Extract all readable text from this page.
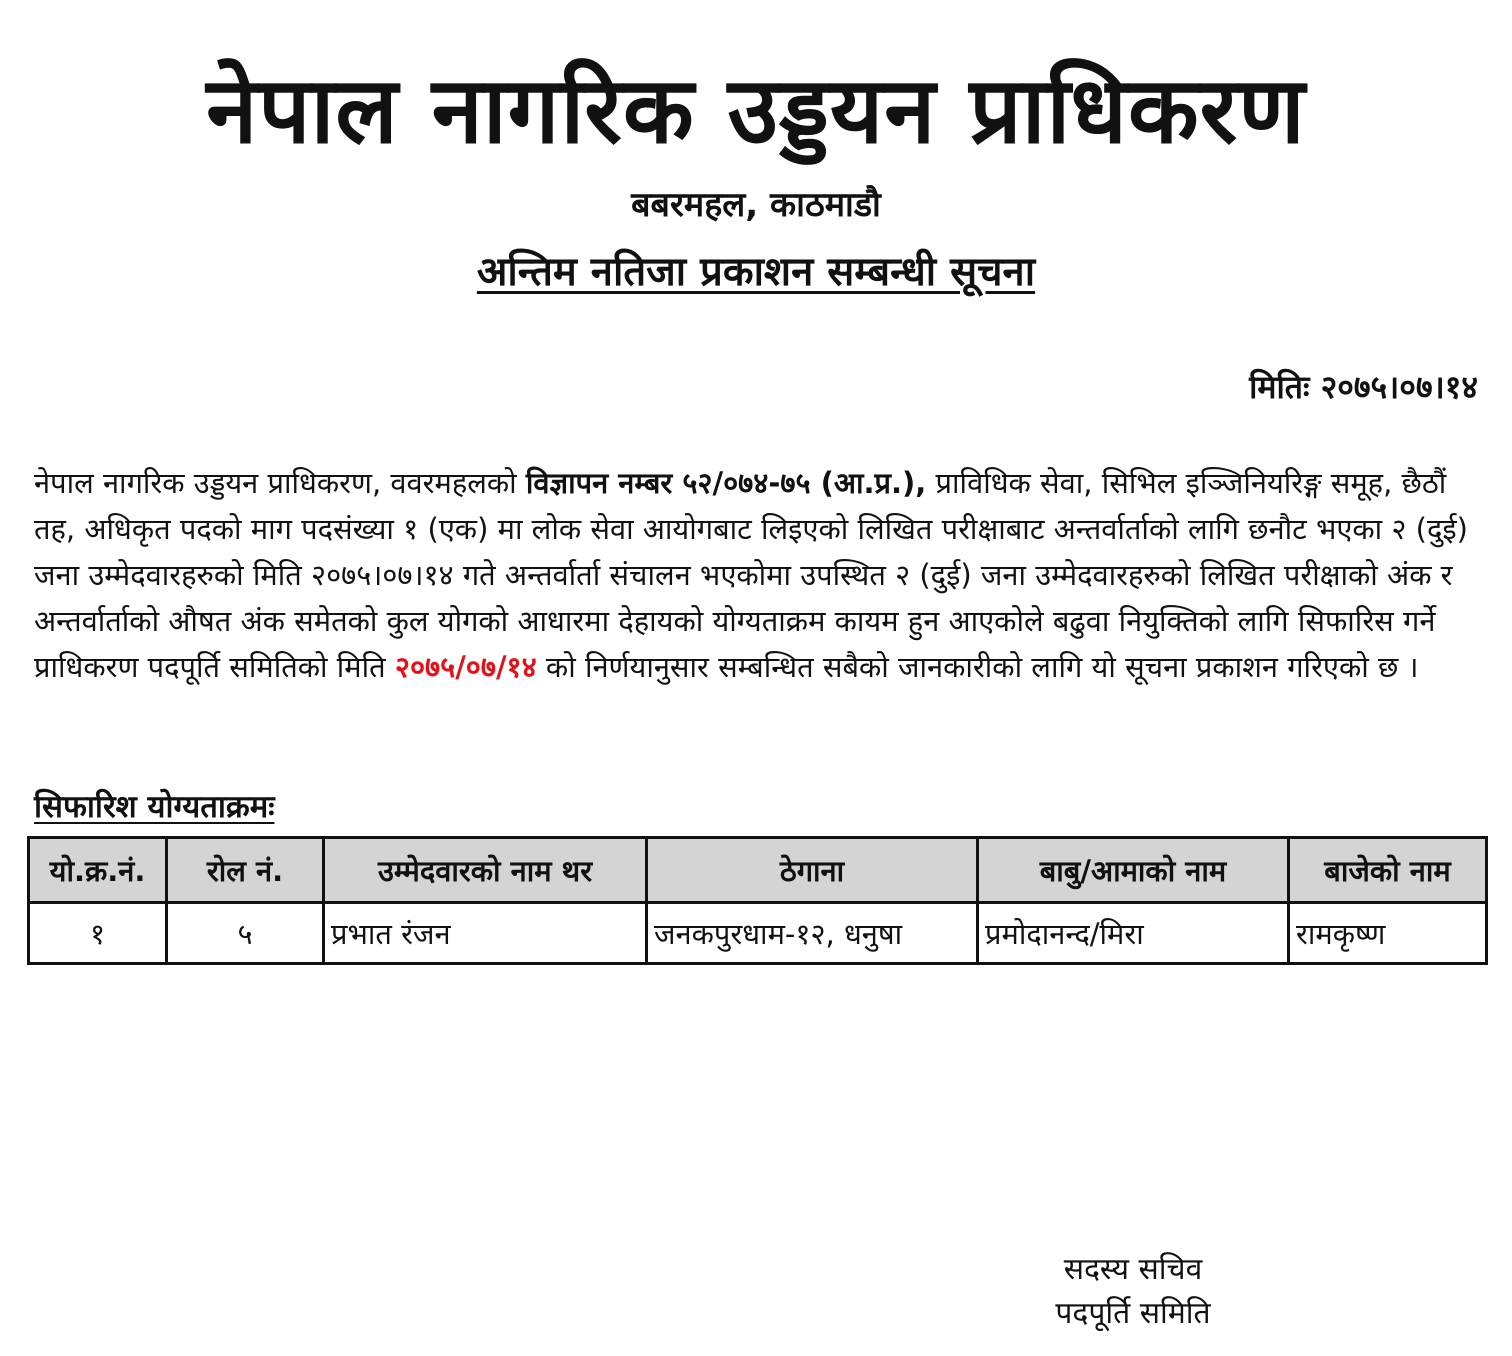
नेपाल नागरिक उड्डयन प्राधिकरण
बबरमहल, काठमाडौ
अन्तिम नतिजा प्रकाशन सम्बन्धी सूचना
मितिः २०७५।०७।१४

नेपाल नागरिक उड्डयन प्राधिकरण, ववरमहलको विज्ञापन नम्बर ५२/०७४-७५ (आ.प्र.), प्राविधिक सेवा, सिभिल इञ्जिनियरिङ्ग समूह, छैठौं तह, अधिकृत पदको माग पदसंख्या १ (एक) मा लोक सेवा आयोगबाट लिइएको लिखित परीक्षाबाट अन्तर्वार्ताको लागि छनौट भएका २ (दुई) जना उम्मेदवारहरुको मिति २०७५।०७।१४ गते अन्तर्वार्ता संचालन भएकोमा उपस्थित २ (दुई) जना उम्मेदवारहरुको लिखित परीक्षाको अंक र अन्तर्वार्ताको औषत अंक समेतको कुल योगको आधारमा देहायको योग्यताक्रम कायम हुन आएकोले बढुवा नियुक्तिको लागि सिफारिस गर्ने प्राधिकरण पदपूर्ति समितिको मिति २०७५/०७/१४ को निर्णयानुसार सम्बन्धित सबैको जानकारीको लागि यो सूचना प्रकाशन गरिएको छ ।

सिफारिश योग्यताक्रमः
यो.क्र.नं.	रोल नं.	उम्मेदवारको नाम थर	ठेगाना	बाबु/आमाको नाम	बाजेको नाम
१	५	प्रभात रंजन	जनकपुरधाम-१२, धनुषा	प्रमोदानन्द/मिरा	रामकृष्ण
सदस्य सचिव
पदपूर्ति समिति
